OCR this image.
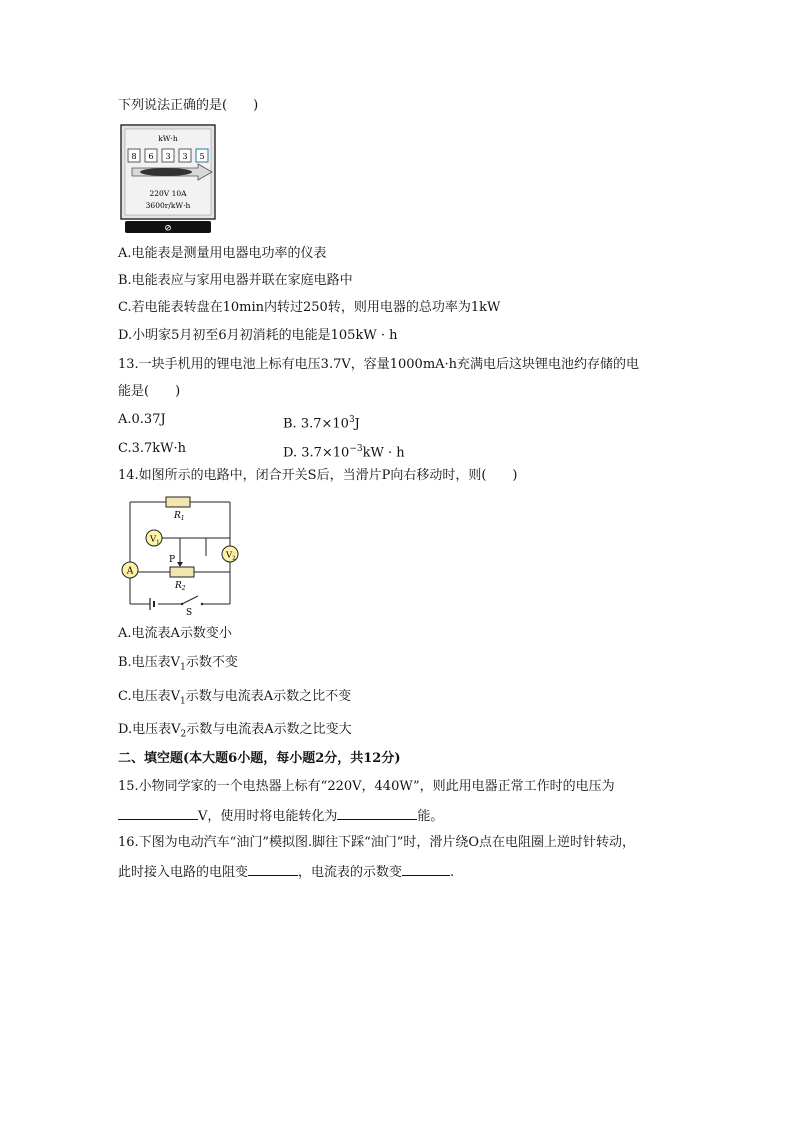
下列说法正确的是(　　)
kW·h
8 6 3 3 5
220V 10A
3600r/kW·h
⊘
A.电能表是测量用电器电功率的仪表
B.电能表应与家用电器并联在家庭电路中
C.若电能表转盘在10min内转过250转，则用电器的总功率为1kW
D.小明家5月初至6月初消耗的电能是105kW · h
13.一块手机用的锂电池上标有电压3.7V，容量1000mA·h充满电后这块锂电池约存储的电
能是(　　)
A.0.37J	B. $3.7\times 10^3J$
C.3.7kW·h	D. $3.7\times 10^{-3}kW \cdot h$
14.如图所示的电路中，闭合开关S后，当滑片P向右移动时，则(　　)
$R_1$
$V_1$
$V_2$
A
P
$R_2$
S
A.电流表A示数变小
B.电压表$V_1$示数不变
C.电压表$V_1$示数与电流表A示数之比不变
D.电压表$V_2$示数与电流表A示数之比变大
二、填空题(本大题6小题，每小题2分，共12分)
15.小物同学家的一个电热器上标有“220V，440W”，则此用电器正常工作时的电压为
V，使用时将电能转化为	能。
16.下图为电动汽车“油门”模拟图.脚往下踩“油门”时，滑片绕O点在电阻圈上逆时针转动，
此时接入电路的电阻变	，电流表的示数变	.
